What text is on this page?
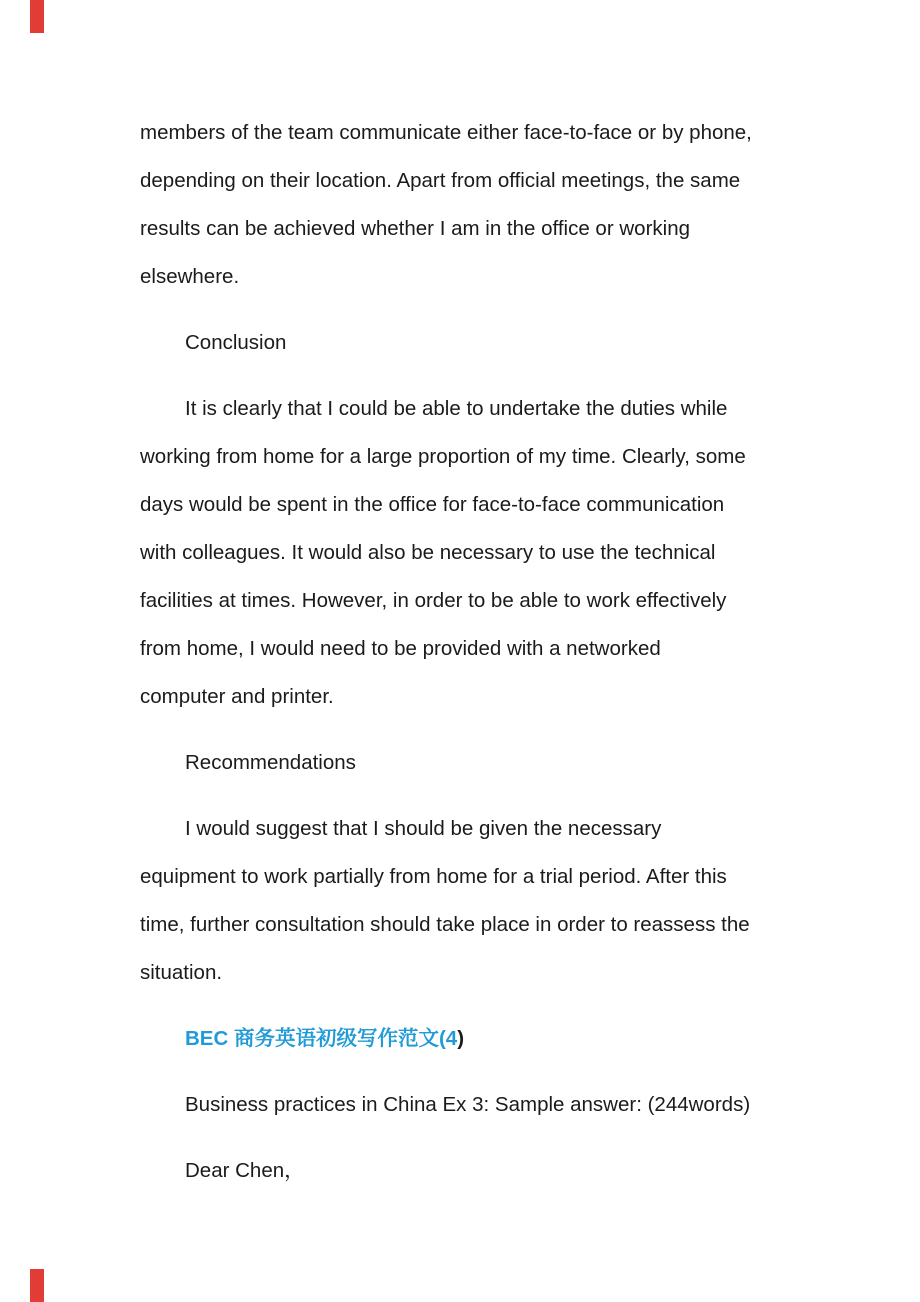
members of the team communicate either face-to-face or by phone,
depending on their location. Apart from official meetings, the same
results can be achieved whether I am in the office or working
elsewhere.
Conclusion
It is clearly that I could be able to undertake the duties while
working from home for a large proportion of my time. Clearly, some
days would be spent in the office for face-to-face communication
with colleagues. It would also be necessary to use the technical
facilities at times. However, in order to be able to work effectively
from home, I would need to be provided with a networked
computer and printer.
Recommendations
I would suggest that I should be given the necessary
equipment to work partially from home for a trial period. After this
time, further consultation should take place in order to reassess the
situation.
BEC 商务英语初级写作范文(4)
Business practices in China Ex 3: Sample answer: (244words)
Dear Chen，
